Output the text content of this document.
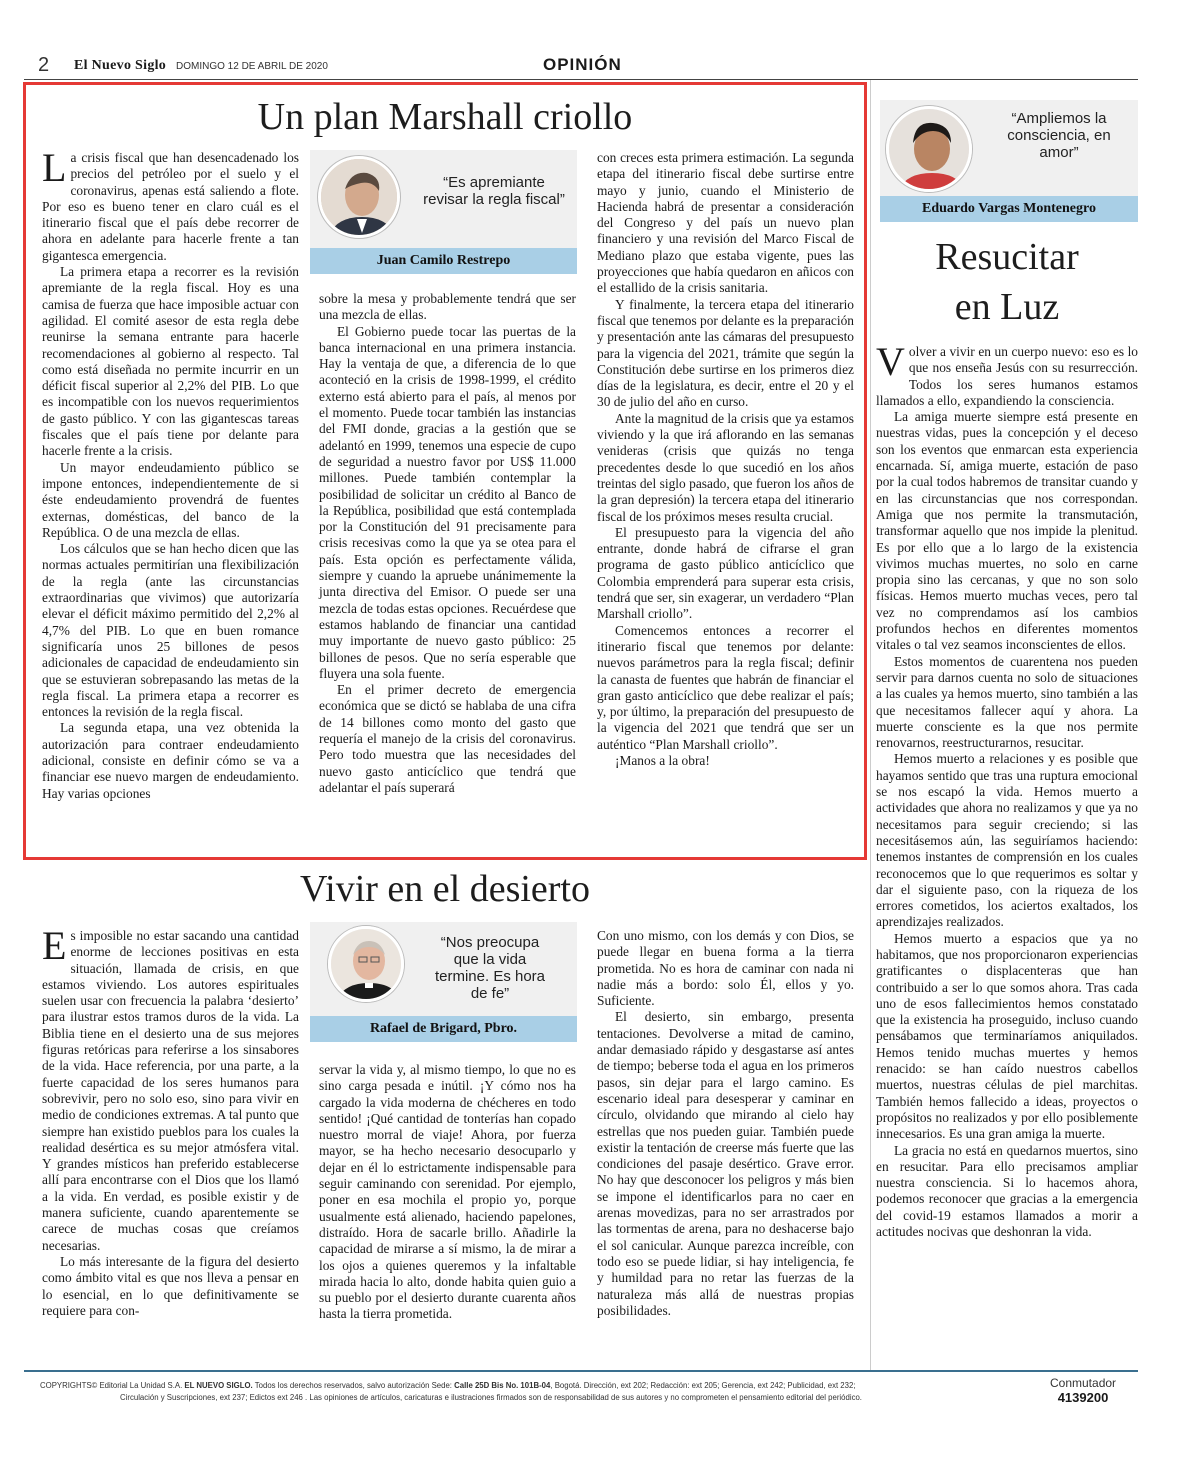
2 El Nuevo Siglo DOMINGO 12 DE ABRIL DE 2020	OPINIÓN
Un plan Marshall criollo

La crisis fiscal que han desencadenado los precios del petróleo por el suelo y el coronavirus, apenas está saliendo a flote. Por eso es bueno tener en claro cuál es el itinerario fiscal que el país debe recorrer de ahora en adelante para hacerle frente a tan gigantesca emergencia.

La primera etapa a recorrer es la revisión apremiante de la regla fiscal. Hoy es una camisa de fuerza que hace imposible actuar con agilidad. El comité asesor de esta regla debe reunirse la semana entrante para hacerle recomendaciones al gobierno al respecto. Tal como está diseñada no permite incurrir en un déficit fiscal superior al 2,2% del PIB. Lo que es incompatible con los nuevos requerimientos de gasto público. Y con las gigantescas tareas fiscales que el país tiene por delante para hacerle frente a la crisis.

Un mayor endeudamiento público se impone entonces, independientemente de si éste endeudamiento provendrá de fuentes externas, domésticas, del banco de la República. O de una mezcla de ellas.

Los cálculos que se han hecho dicen que las normas actuales permitirían una flexibilización de la regla (ante las circunstancias extraordinarias que vivimos) que autorizaría elevar el déficit máximo permitido del 2,2% al 4,7% del PIB. Lo que en buen romance significaría unos 25 billones de pesos adicionales de capacidad de endeudamiento sin que se estuvieran sobrepasando las metas de la regla fiscal. La primera etapa a recorrer es entonces la revisión de la regla fiscal.

La segunda etapa, una vez obtenida la autorización para contraer endeudamiento adicional, consiste en definir cómo se va a financiar ese nuevo margen de endeudamiento. Hay varias opciones

“Es apremiante revisar la regla fiscal”
Juan Camilo Restrepo

sobre la mesa y probablemente tendrá que ser una mezcla de ellas.

El Gobierno puede tocar las puertas de la banca internacional en una primera instancia. Hay la ventaja de que, a diferencia de lo que aconteció en la crisis de 1998-1999, el crédito externo está abierto para el país, al menos por el momento. Puede tocar también las instancias del FMI donde, gracias a la gestión que se adelantó en 1999, tenemos una especie de cupo de seguridad a nuestro favor por US$ 11.000 millones. Puede también contemplar la posibilidad de solicitar un crédito al Banco de la República, posibilidad que está contemplada por la Constitución del 91 precisamente para crisis recesivas como la que ya se otea para el país. Esta opción es perfectamente válida, siempre y cuando la apruebe unánimemente la junta directiva del Emisor. O puede ser una mezcla de todas estas opciones. Recuérdese que estamos hablando de financiar una cantidad muy importante de nuevo gasto público: 25 billones de pesos. Que no sería esperable que fluyera una sola fuente.

En el primer decreto de emergencia económica que se dictó se hablaba de una cifra de 14 billones como monto del gasto que requería el manejo de la crisis del coronavirus. Pero todo muestra que las necesidades del nuevo gasto anticíclico que tendrá que adelantar el país superará

con creces esta primera estimación. La segunda etapa del itinerario fiscal debe surtirse entre mayo y junio, cuando el Ministerio de Hacienda habrá de presentar a consideración del Congreso y del país un nuevo plan financiero y una revisión del Marco Fiscal de Mediano plazo que estaba vigente, pues las proyecciones que había quedaron en añicos con el estallido de la crisis sanitaria.

Y finalmente, la tercera etapa del itinerario fiscal que tenemos por delante es la preparación y presentación ante las cámaras del presupuesto para la vigencia del 2021, trámite que según la Constitución debe surtirse en los primeros diez días de la legislatura, es decir, entre el 20 y el 30 de julio del año en curso.

Ante la magnitud de la crisis que ya estamos viviendo y la que irá aflorando en las semanas venideras (crisis que quizás no tenga precedentes desde lo que sucedió en los años treintas del siglo pasado, que fueron los años de la gran depresión) la tercera etapa del itinerario fiscal de los próximos meses resulta crucial.

El presupuesto para la vigencia del año entrante, donde habrá de cifrarse el gran programa de gasto público anticíclico que Colombia emprenderá para superar esta crisis, tendrá que ser, sin exagerar, un verdadero “Plan Marshall criollo”.

Comencemos entonces a recorrer el itinerario fiscal que tenemos por delante: nuevos parámetros para la regla fiscal; definir la canasta de fuentes que habrán de financiar el gran gasto anticíclico que debe realizar el país; y, por último, la preparación del presupuesto de la vigencia del 2021 que tendrá que ser un auténtico “Plan Marshall criollo”.

¡Manos a la obra!

Vivir en el desierto

Es imposible no estar sacando una cantidad enorme de lecciones positivas en esta situación, llamada de crisis, en que estamos viviendo. Los autores espirituales suelen usar con frecuencia la palabra ‘desierto’ para ilustrar estos tramos duros de la vida. La Biblia tiene en el desierto una de sus mejores figuras retóricas para referirse a los sinsabores de la vida. Hace referencia, por una parte, a la fuerte capacidad de los seres humanos para sobrevivir, pero no solo eso, sino para vivir en medio de condiciones extremas. A tal punto que siempre han existido pueblos para los cuales la realidad desértica es su mejor atmósfera vital. Y grandes místicos han preferido establecerse allí para encontrarse con el Dios que los llamó a la vida. En verdad, es posible existir y de manera suficiente, cuando aparentemente se carece de muchas cosas que creíamos necesarias.

Lo más interesante de la figura del desierto como ámbito vital es que nos lleva a pensar en lo esencial, en lo que definitivamente se requiere para con-

“Nos preocupa que la vida termine. Es hora de fe”
Rafael de Brigard, Pbro.

servar la vida y, al mismo tiempo, lo que no es sino carga pesada e inútil. ¡Y cómo nos ha cargado la vida moderna de chécheres en todo sentido! ¡Qué cantidad de tonterías han copado nuestro morral de viaje! Ahora, por fuerza mayor, se ha hecho necesario desocuparlo y dejar en él lo estrictamente indispensable para seguir caminando con serenidad. Por ejemplo, poner en esa mochila el propio yo, porque usualmente está alienado, haciendo papelones, distraído. Hora de sacarle brillo. Añadirle la capacidad de mirarse a sí mismo, la de mirar a los ojos a quienes queremos y la infaltable mirada hacia lo alto, donde habita quien guio a su pueblo por el desierto durante cuarenta años hasta la tierra prometida.

Con uno mismo, con los demás y con Dios, se puede llegar en buena forma a la tierra prometida. No es hora de caminar con nada ni nadie más a bordo: solo Él, ellos y yo. Suficiente.

El desierto, sin embargo, presenta tentaciones. Devolverse a mitad de camino, andar demasiado rápido y desgastarse así antes de tiempo; beberse toda el agua en los primeros pasos, sin dejar para el largo camino. Es escenario ideal para desesperar y caminar en círculo, olvidando que mirando al cielo hay estrellas que nos pueden guiar. También puede existir la tentación de creerse más fuerte que las condiciones del pasaje desértico. Grave error. No hay que desconocer los peligros y más bien se impone el identificarlos para no caer en arenas movedizas, para no ser arrastrados por las tormentas de arena, para no deshacerse bajo el sol canicular. Aunque parezca increíble, con todo eso se puede lidiar, si hay inteligencia, fe y humildad para no retar las fuerzas de la naturaleza más allá de nuestras propias posibilidades.

“Ampliemos la consciencia, en amor”
Eduardo Vargas Montenegro
Resucitar
en Luz

Volver a vivir en un cuerpo nuevo: eso es lo que nos enseña Jesús con su resurrección. Todos los seres humanos estamos llamados a ello, expandiendo la consciencia.

La amiga muerte siempre está presente en nuestras vidas, pues la concepción y el deceso son los eventos que enmarcan esta experiencia encarnada. Sí, amiga muerte, estación de paso por la cual todos habremos de transitar cuando y en las circunstancias que nos correspondan. Amiga que nos permite la transmutación, transformar aquello que nos impide la plenitud. Es por ello que a lo largo de la existencia vivimos muchas muertes, no solo en carne propia sino las cercanas, y que no son solo físicas. Hemos muerto muchas veces, pero tal vez no comprendamos así los cambios profundos hechos en diferentes momentos vitales o tal vez seamos inconscientes de ellos.

Estos momentos de cuarentena nos pueden servir para darnos cuenta no solo de situaciones a las cuales ya hemos muerto, sino también a las que necesitamos fallecer aquí y ahora. La muerte consciente es la que nos permite renovarnos, reestructurarnos, resucitar.

Hemos muerto a relaciones y es posible que hayamos sentido que tras una ruptura emocional se nos escapó la vida. Hemos muerto a actividades que ahora no realizamos y que ya no necesitamos para seguir creciendo; si las necesitásemos aún, las seguiríamos haciendo: tenemos instantes de comprensión en los cuales reconocemos que lo que requerimos es soltar y dar el siguiente paso, con la riqueza de los errores cometidos, los aciertos exaltados, los aprendizajes realizados.

Hemos muerto a espacios que ya no habitamos, que nos proporcionaron experiencias gratificantes o displacenteras que han contribuido a ser lo que somos ahora. Tras cada uno de esos fallecimientos hemos constatado que la existencia ha proseguido, incluso cuando pensábamos que terminaríamos aniquilados. Hemos tenido muchas muertes y hemos renacido: se han caído nuestros cabellos muertos, nuestras células de piel marchitas. También hemos fallecido a ideas, proyectos o propósitos no realizados y por ello posiblemente innecesarios. Es una gran amiga la muerte.

La gracia no está en quedarnos muertos, sino en resucitar. Para ello precisamos ampliar nuestra consciencia. Si lo hacemos ahora, podemos reconocer que gracias a la emergencia del covid-19 estamos llamados a morir a actitudes nocivas que deshonran la vida.

COPYRIGHTS© Editorial La Unidad S.A. EL NUEVO SIGLO. Todos los derechos reservados, salvo autorización Sede: Calle 25D Bis No. 101B-04, Bogotá. Dirección, ext 202; Redacción: ext 205; Gerencia, ext 242; Publicidad, ext 232;
Circulación y Suscripciones, ext 237; Edictos ext 246 . Las opiniones de artículos, caricaturas e ilustraciones firmados son de responsabilidad de sus autores y no comprometen el pensamiento editorial del periódico.
Conmutador
4139200
